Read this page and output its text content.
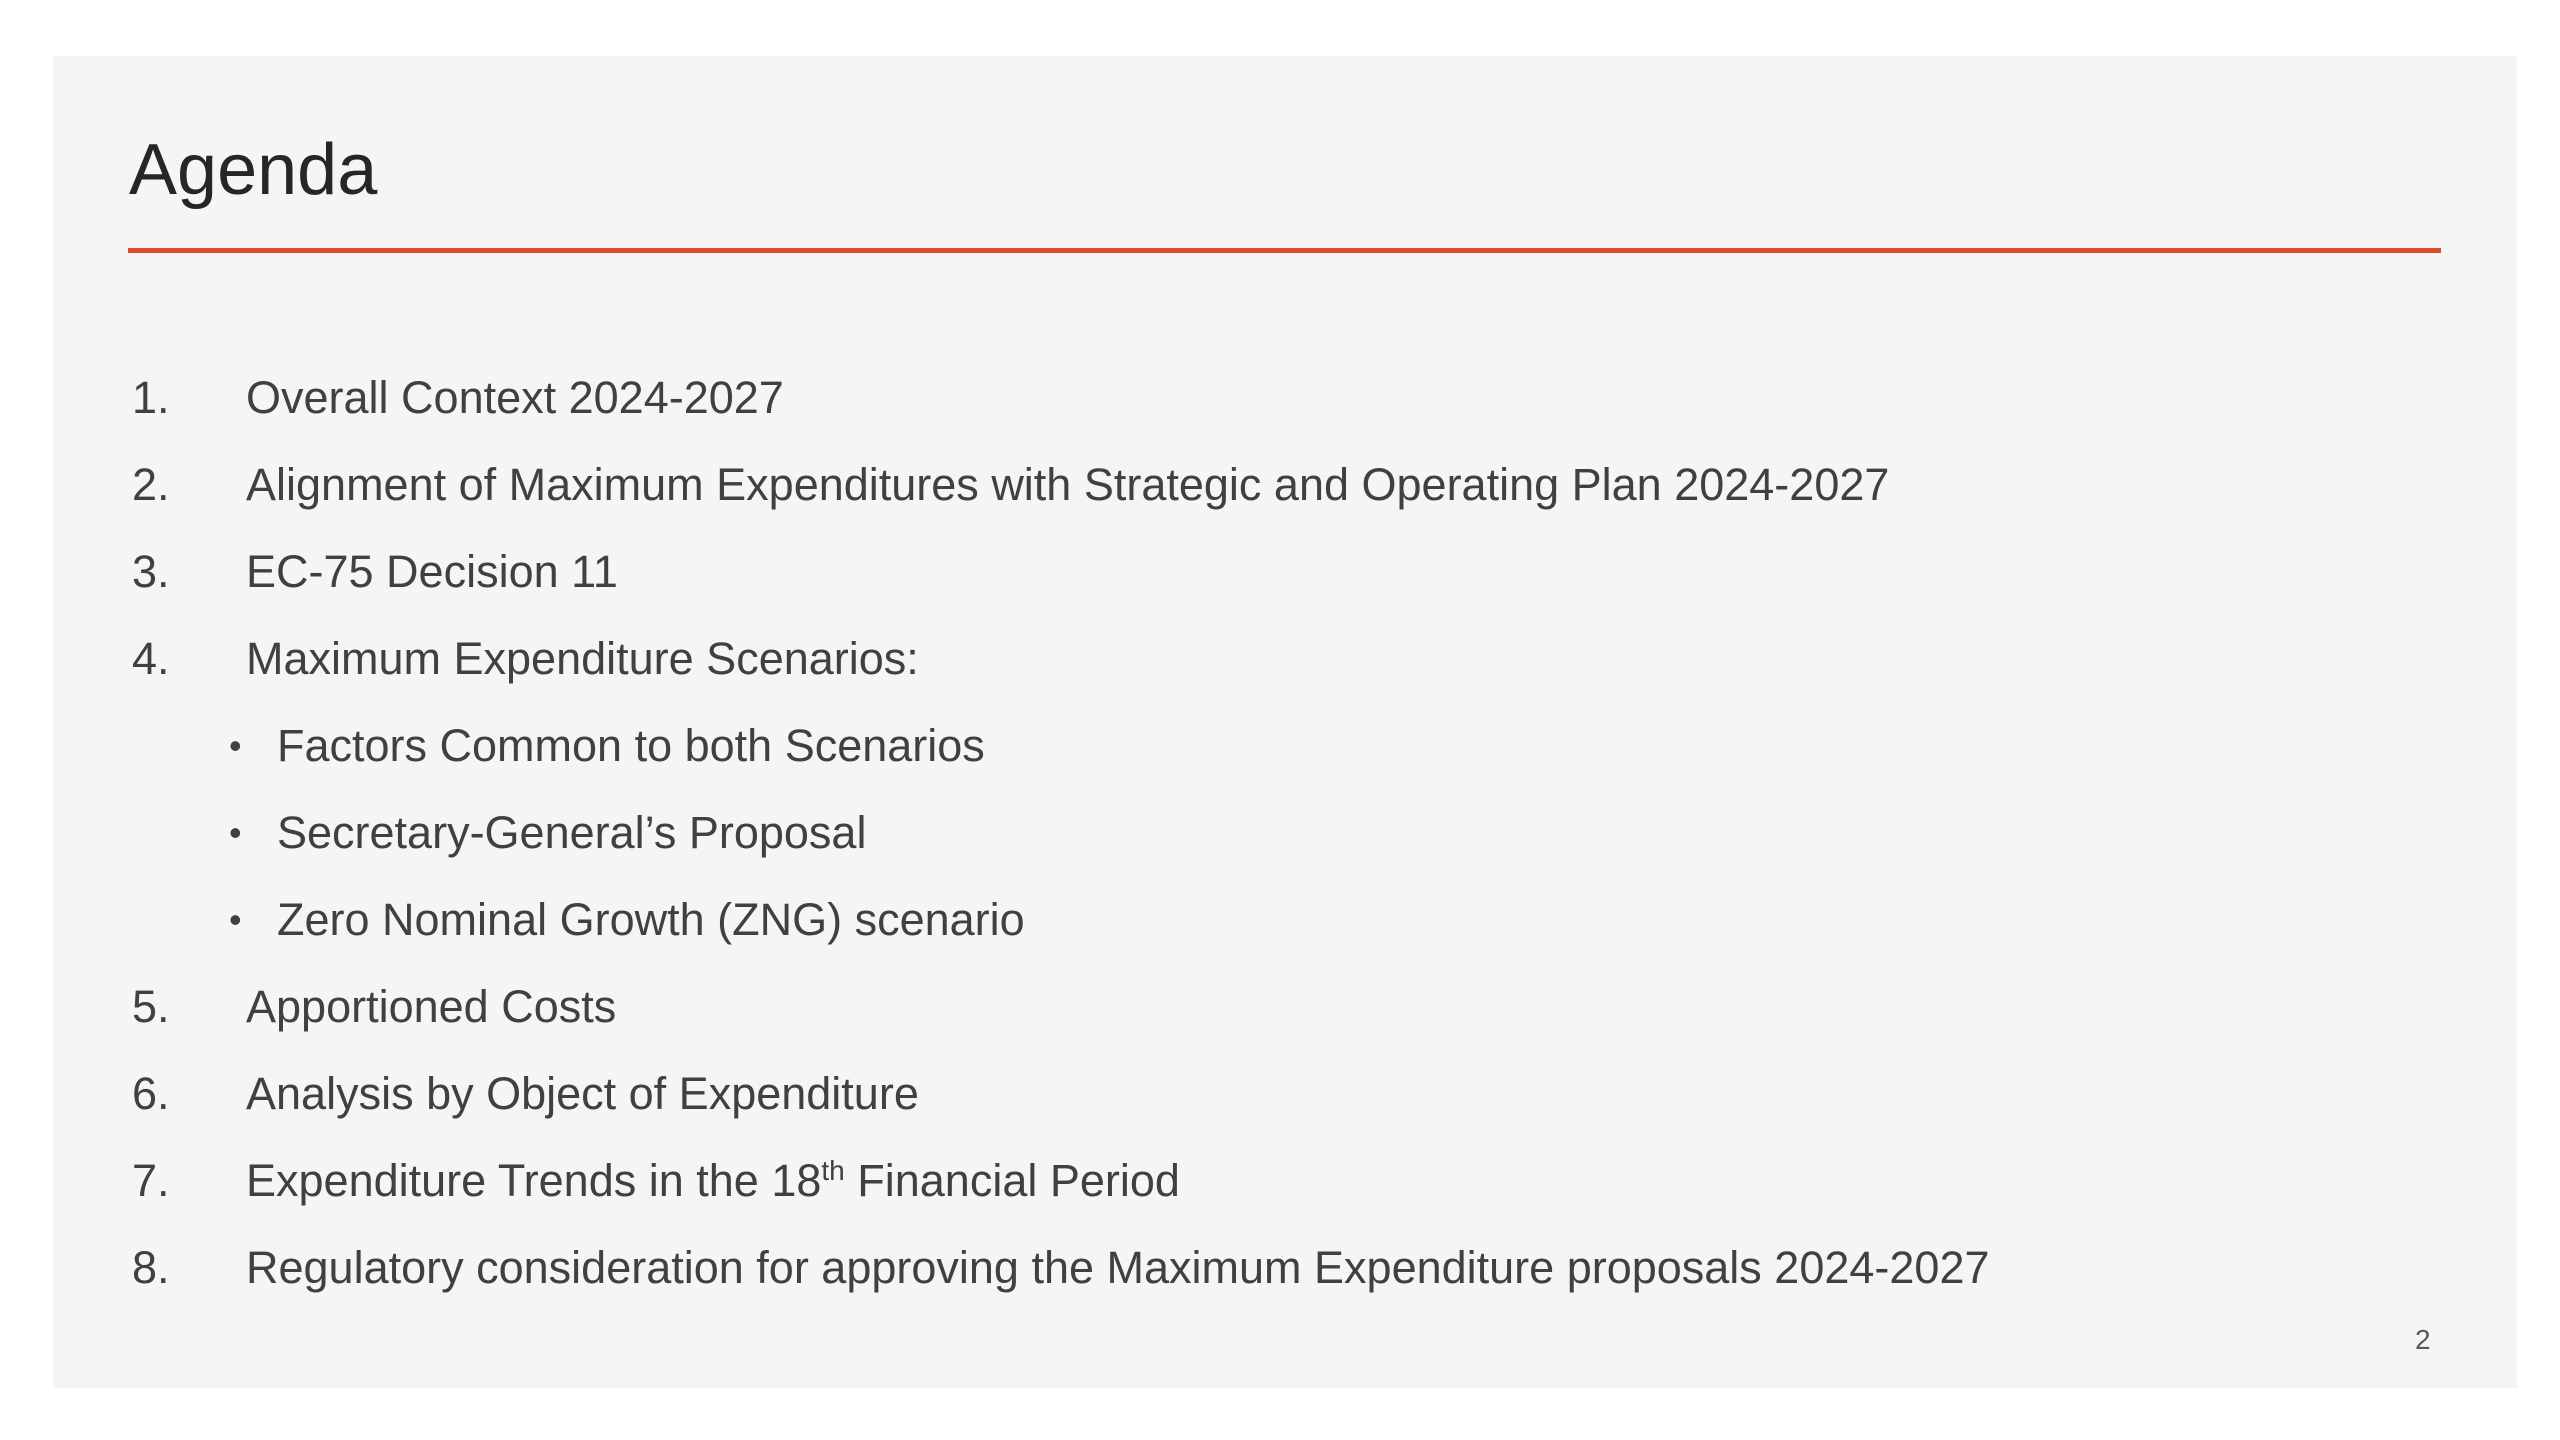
Agenda
1. Overall Context 2024-2027
2. Alignment of Maximum Expenditures with Strategic and Operating Plan 2024-2027
3. EC-75 Decision 11
4. Maximum Expenditure Scenarios:
• Factors Common to both Scenarios
• Secretary-General’s Proposal
• Zero Nominal Growth (ZNG) scenario
5. Apportioned Costs
6. Analysis by Object of Expenditure
7. Expenditure Trends in the 18th Financial Period
8. Regulatory consideration for approving the Maximum Expenditure proposals 2024-2027
2
